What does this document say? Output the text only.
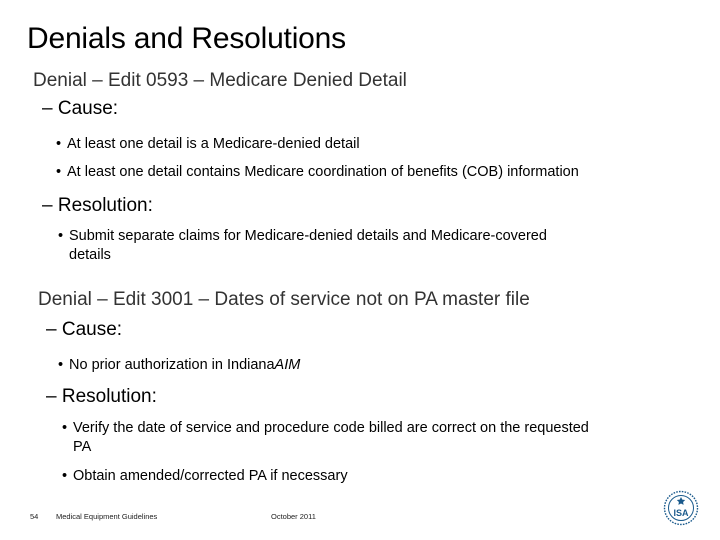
Denials and Resolutions
Denial – Edit 0593 – Medicare Denied Detail
– Cause:
• At least one detail is a Medicare-denied detail
• At least one detail contains Medicare coordination of benefits (COB) information
– Resolution:
• Submit separate claims for Medicare-denied details and Medicare-covered
details
Denial – Edit 3001 – Dates of service not on PA master file
– Cause:
• No prior authorization in IndianaAIM
– Resolution:
• Verify the date of service and procedure code billed are correct on the requested
PA
• Obtain amended/corrected PA if necessary
54 Medical Equipment Guidelines	October 2011	ISA
